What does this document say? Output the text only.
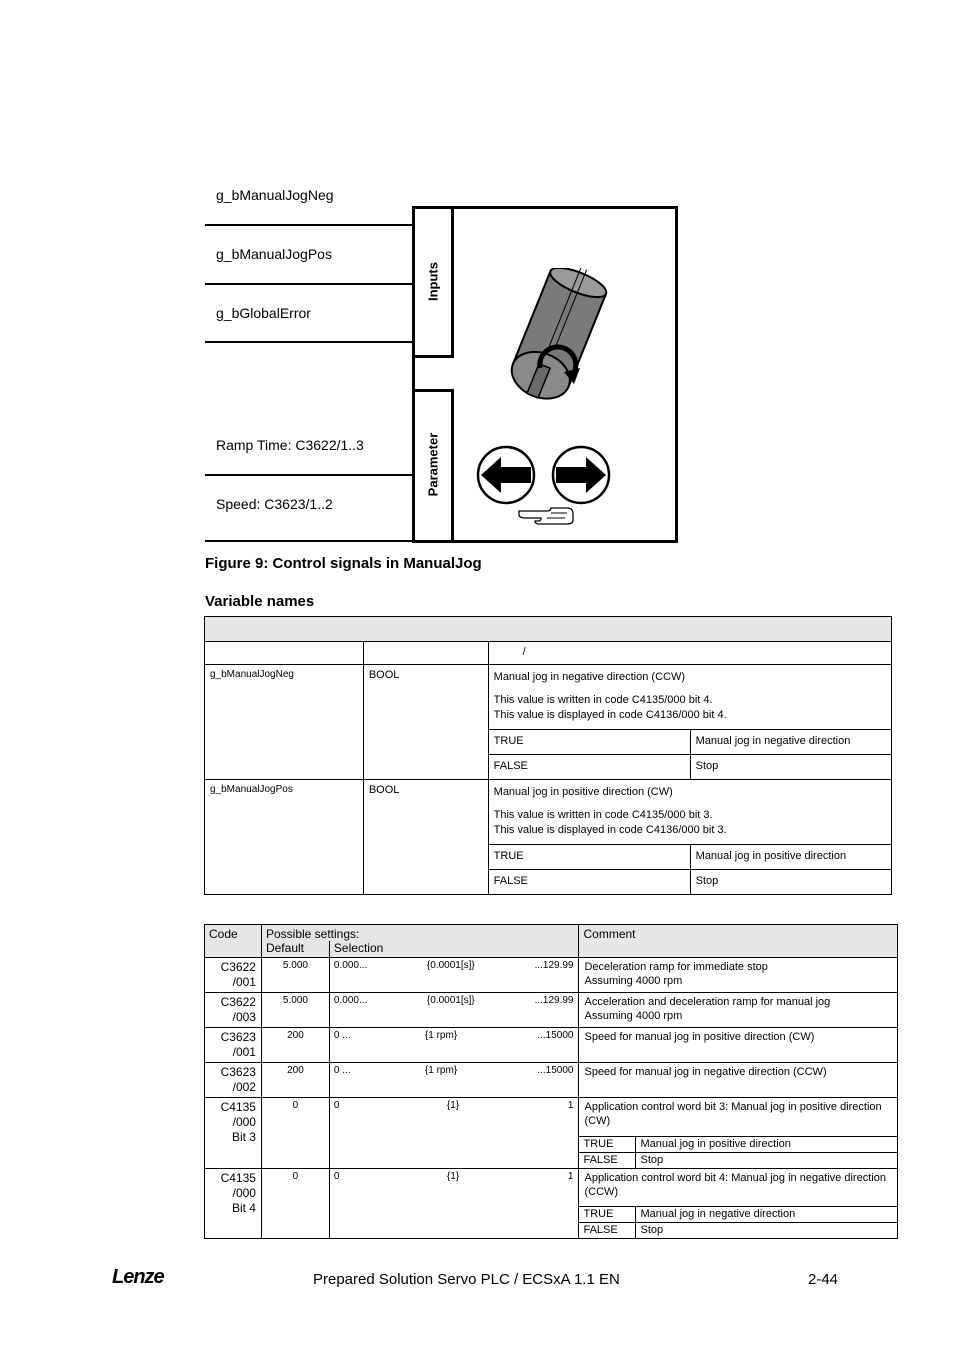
g_bManualJogNeg
g_bManualJogPos
g_bGlobalError
Ramp Time: C3622/1..3
Speed: C3623/1..2
Inputs
Parameter
Figure 9: Control signals in ManualJog
Variable names

		/
g_bManualJogNeg	BOOL	Manual jog in negative direction (CCW)

This value is written in code C4135/000 bit 4.
This value is displayed in code C4136/000 bit 4.

TRUE	Manual jog in negative direction
FALSE	Stop

g_bManualJogPos	BOOL	Manual jog in positive direction (CW)

This value is written in code C4135/000 bit 3.
This value is displayed in code C4136/000 bit 3.

TRUE	Manual jog in positive direction
FALSE	Stop
Code	Possible settings:	Comment
Default	Selection
C3622
/001	5.000	0.000...	{0.0001[s]}	...129.99	Deceleration ramp for immediate stop
Assuming 4000 rpm
C3622
/003	5.000	0.000...	{0.0001[s]}	...129.99	Acceleration and deceleration ramp for manual jog
Assuming 4000 rpm
C3623
/001	200	0 ...	{1 rpm}	...15000	Speed for manual jog in positive direction (CW)
C3623
/002	200	0 ...	{1 rpm}	...15000	Speed for manual jog in negative direction (CCW)
C4135
/000
Bit 3	0	0	{1}	1	Application control word bit 3: Manual jog in positive direction (CW)
TRUE	Manual jog in positive direction
FALSE	Stop

C4135
/000
Bit 4	0	0	{1}	1	Application control word bit 4: Manual jog in negative direction (CCW)
TRUE	Manual jog in negative direction
FALSE	Stop
Lenze	Prepared Solution Servo PLC / ECSxA 1.1 EN	2-44
